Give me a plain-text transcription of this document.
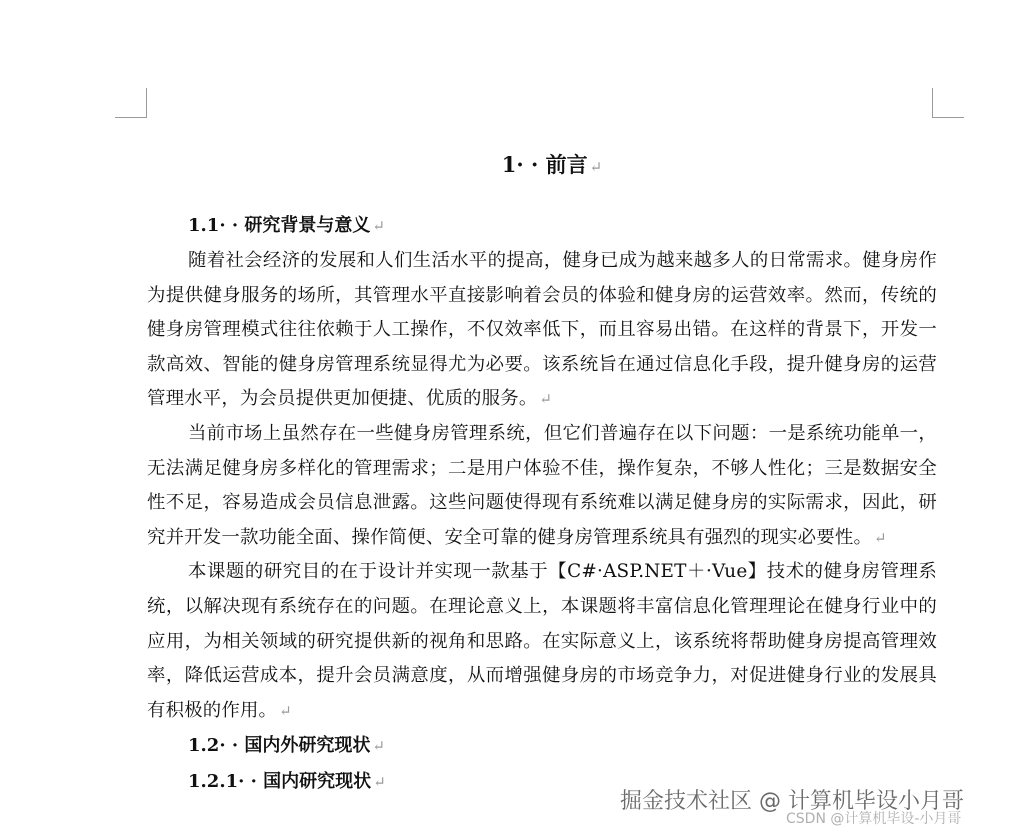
1· · 前言 ↵
1.1· · 研究背景与意义 ↵

随着社会经济的发展和人们生活水平的提高，健身已成为越来越多人的日常需求。健身房作为提供健身服务的场所，其管理水平直接影响着会员的体验和健身房的运营效率。然而，传统的健身房管理模式往往依赖于人工操作，不仅效率低下，而且容易出错。在这样的背景下，开发一款高效、智能的健身房管理系统显得尤为必要。该系统旨在通过信息化手段，提升健身房的运营管理水平，为会员提供更加便捷、优质的服务。 ↵

当前市场上虽然存在一些健身房管理系统，但它们普遍存在以下问题：一是系统功能单一，无法满足健身房多样化的管理需求；二是用户体验不佳，操作复杂，不够人性化；三是数据安全性不足，容易造成会员信息泄露。这些问题使得现有系统难以满足健身房的实际需求，因此，研究并开发一款功能全面、操作简便、安全可靠的健身房管理系统具有强烈的现实必要性。 ↵

本课题的研究目的在于设计并实现一款基于【C#·ASP.NET＋·Vue】技术的健身房管理系统，以解决现有系统存在的问题。在理论意义上，本课题将丰富信息化管理理论在健身行业中的应用，为相关领域的研究提供新的视角和思路。在实际意义上，该系统将帮助健身房提高管理效率，降低运营成本，提升会员满意度，从而增强健身房的市场竞争力，对促进健身行业的发展具有积极的作用。 ↵

1.2· · 国内外研究现状 ↵
1.2.1· · 国内研究现状 ↵
掘金技术社区 @ 计算机毕设小月哥
CSDN @计算机毕设-小月哥
